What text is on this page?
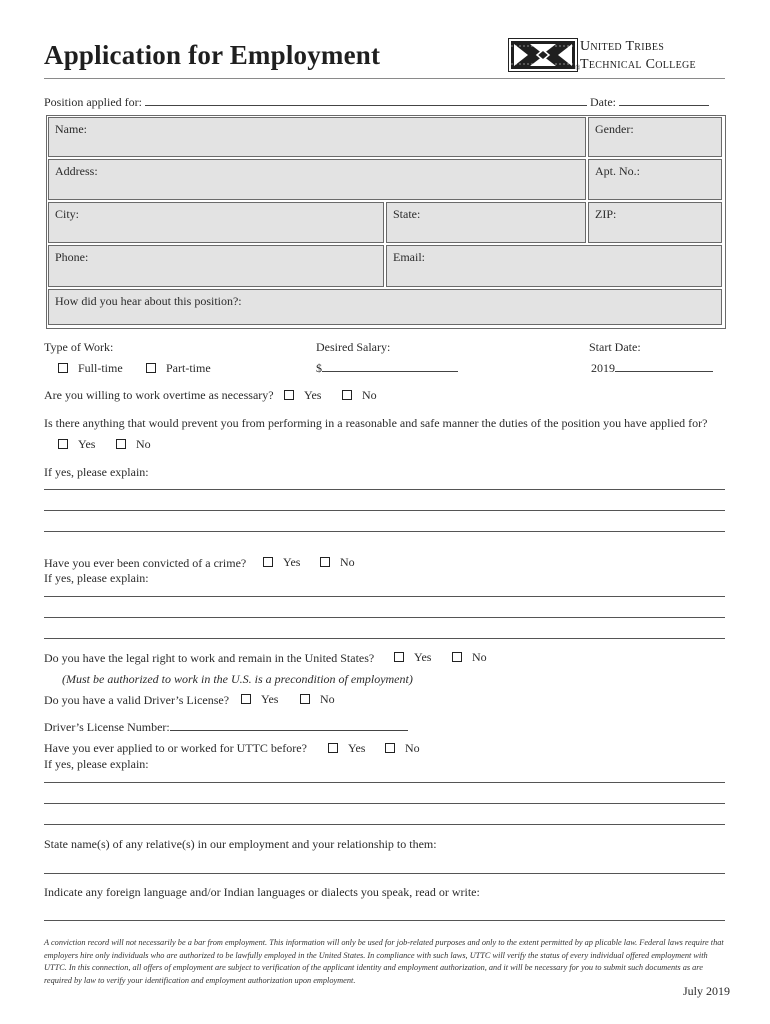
Application for Employment	United Tribes
Technical College
®
Position applied for:	Date:
Name:	Gender:
Address:	Apt. No.:
City:	State:	ZIP:
Phone:	Email:
How did you hear about this position?:
Type of Work:
Full-time	Part-time
Desired Salary:
$
Start Date:
2019
Are you willing to work overtime as necessary?	Yes	No
Is there anything that would prevent you from performing in a reasonable and safe manner the duties of the position you have applied for?
Yes	No
If yes, please explain:
Have you ever been convicted of a crime?	Yes	No
If yes, please explain:
Do you have the legal right to work and remain in the United States?	Yes	No
(Must be authorized to work in the U.S. is a precondition of employment)
Do you have a valid Driver’s License?	Yes	No
Driver’s License Number:
Have you ever applied to or worked for UTTC before?	Yes	No
If yes, please explain:
State name(s) of any relative(s) in our employment and your relationship to them:
Indicate any foreign language and/or Indian languages or dialects you speak, read or write:
A conviction record will not necessarily be a bar from employment. This information will only be used for job-related purposes and only to the extent permitted by ap plicable law. Federal laws require that employers hire only individuals who are authorized to be lawfully employed in the United States. In compliance with such laws, UTTC will verify the status of every individual offered employment with UTTC. In this connection, all offers of employment are subject to verification of the applicant identity and employment authorization, and it will be necessary for you to submit such documents as are required by law to verify your identification and employment authorization upon employment.
July 2019
